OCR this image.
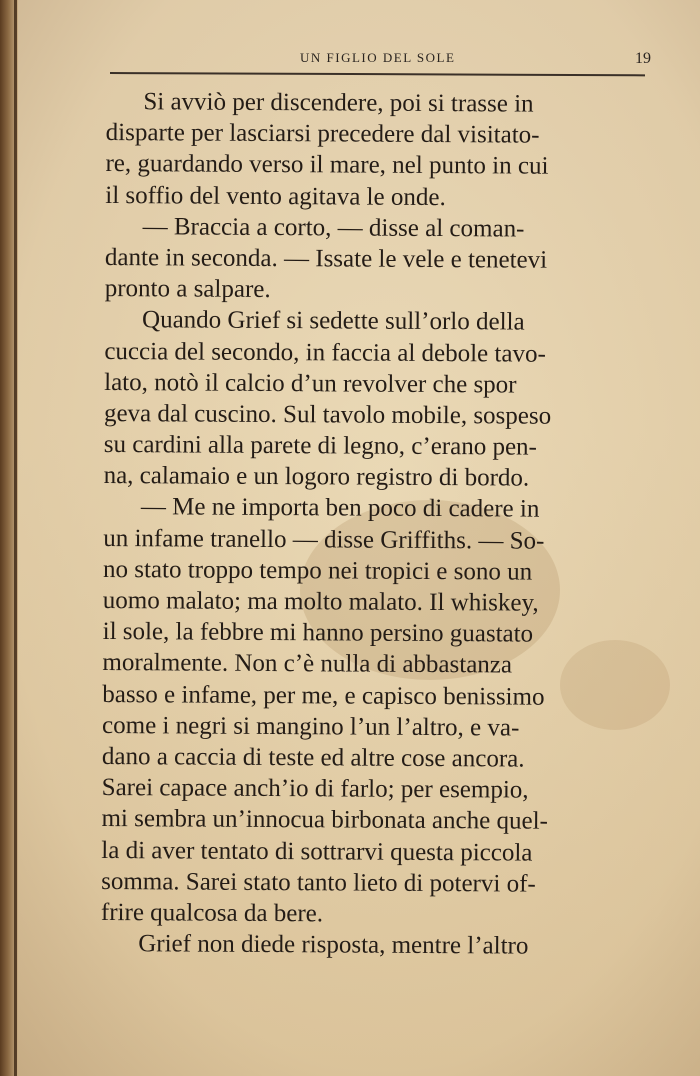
UN FIGLIO DEL SOLE	19
Si avviò per discendere, poi si trasse in
disparte per lasciarsi precedere dal visitato-
re, guardando verso il mare, nel punto in cui
il soffio del vento agitava le onde.
— Braccia a corto, — disse al coman-
dante in seconda. — Issate le vele e tenetevi
pronto a salpare.
Quando Grief si sedette sull’orlo della
cuccia del secondo, in faccia al debole tavo-
lato, notò il calcio d’un revolver che spor
geva dal cuscino. Sul tavolo mobile, sospeso
su cardini alla parete di legno, c’erano pen-
na, calamaio e un logoro registro di bordo.
— Me ne importa ben poco di cadere in
un infame tranello — disse Griffiths. — So-
no stato troppo tempo nei tropici e sono un
uomo malato; ma molto malato. Il whiskey,
il sole, la febbre mi hanno persino guastato
moralmente. Non c’è nulla di abbastanza
basso e infame, per me, e capisco benissimo
come i negri si mangino l’un l’altro, e va-
dano a caccia di teste ed altre cose ancora.
Sarei capace anch’io di farlo; per esempio,
mi sembra un’innocua birbonata anche quel-
la di aver tentato di sottrarvi questa piccola
somma. Sarei stato tanto lieto di potervi of-
frire qualcosa da bere.
Grief non diede risposta, mentre l’altro
